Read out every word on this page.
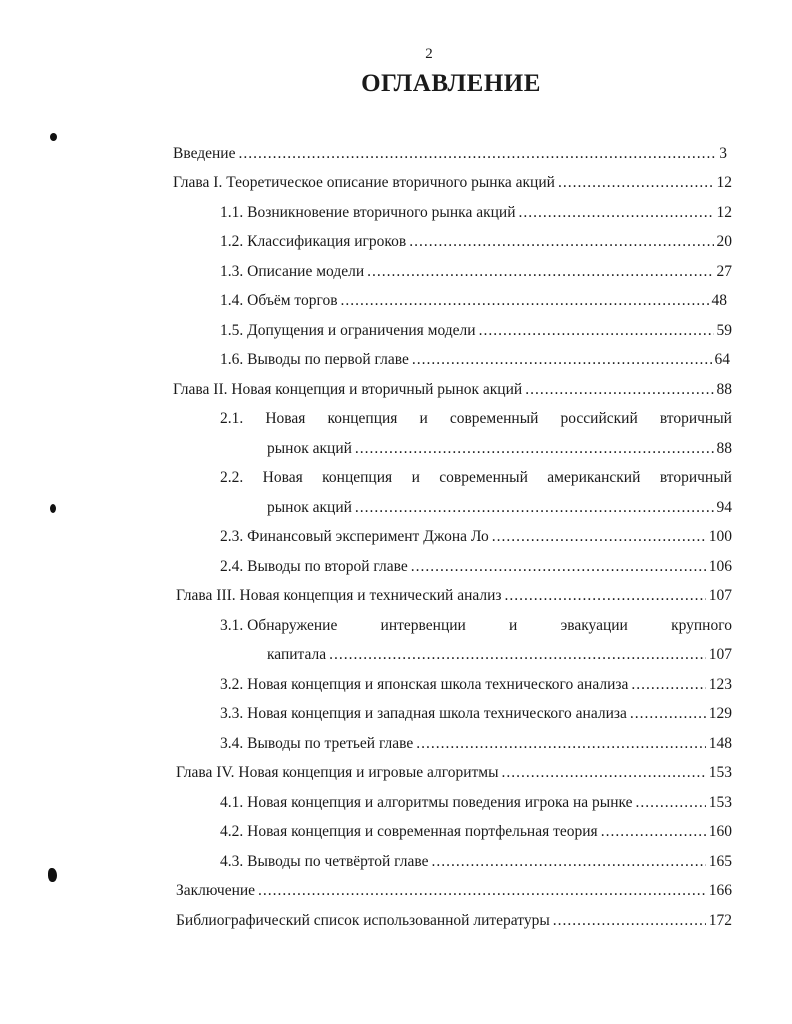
2
ОГЛАВЛЕНИЕ
Введение .....	3
Глава I. Теоретическое описание вторичного рынка акций .....	12
1.1. Возникновение вторичного рынка акций .....	12
1.2. Классификация игроков .....	20
1.3. Описание модели .....	27
1.4. Объём торгов .....	48
1.5. Допущения и ограничения модели .....	59
1.6. Выводы по первой главе .....	64
Глава II. Новая концепция и вторичный рынок акций .....	88
2.1. Новая концепция и современный российский вторичный
рынок акций .....	88
2.2. Новая концепция и современный американский вторичный
рынок акций .....	94
2.3. Финансовый эксперимент Джона Ло .....	100
2.4. Выводы по второй главе .....	106
Глава III. Новая концепция и технический анализ .....	107
3.1. Обнаружение	интервенции	и	эвакуации	крупного
капитала .....	107
3.2. Новая концепция и японская школа технического анализа .....	123
3.3. Новая концепция и западная школа технического анализа .....	129
3.4. Выводы по третьей главе .....	148
Глава IV. Новая концепция и игровые алгоритмы .....	153
4.1. Новая концепция и алгоритмы поведения игрока на рынке .....	153
4.2. Новая концепция и современная портфельная теория .....	160
4.3. Выводы по четвёртой главе .....	165
Заключение .....	166
Библиографический список использованной литературы .....	172
